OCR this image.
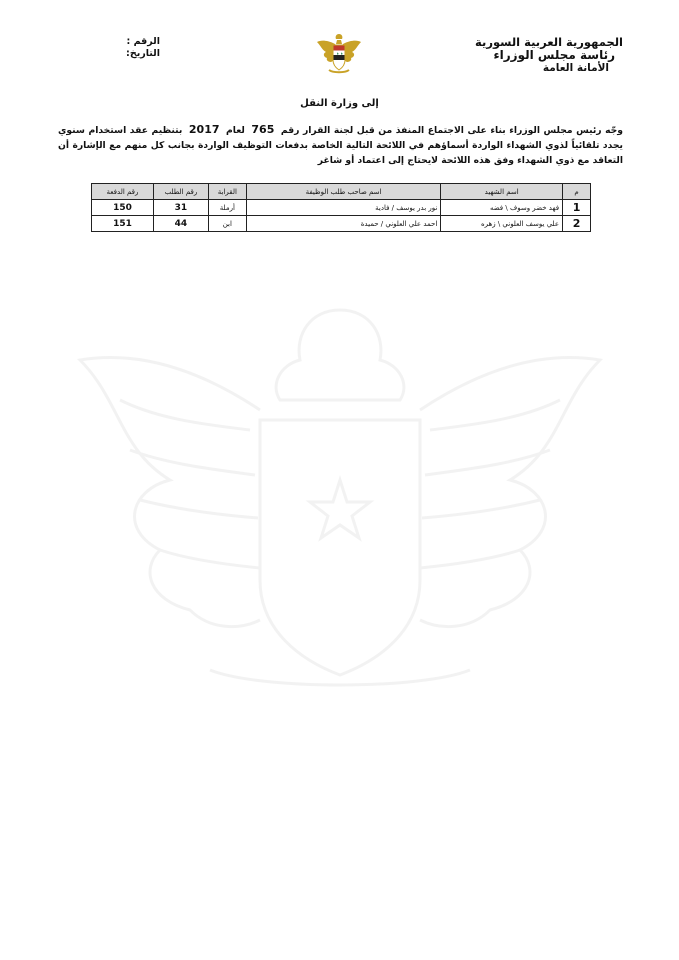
الجمهورية العربية السورية
رئاسة مجلس الوزراء
الأمانة العامة
الرقم :
التاريخ:
إلى وزارة النقل
وجّه رئيس مجلس الوزراء بناء على الاجتماع المنفذ من قبل لجنة القرار رقم 765 لعام 2017 بتنظيم عقد استخدام سنوي يجدد تلقائياً لذوي الشهداء الواردة أسماؤهم في اللائحة التالية الخاصة بدفعات التوظيف الواردة بجانب كل منهم مع الإشارة أن التعاقد مع ذوي الشهداء وفق هذه اللائحة لايحتاج إلى اعتماد أو شاغر
م	اسم الشهيد	اسم صاحب طلب الوظيفة	القرابة	رقم الطلب	رقم الدفعة
1	فهد خضر وسوف \ فضه	نور بدر يوسف / فادية	أرملة	31	150
2	علي يوسف العلوني \ زهره	احمد علي العلوني / حميدة	ابن	44	151
